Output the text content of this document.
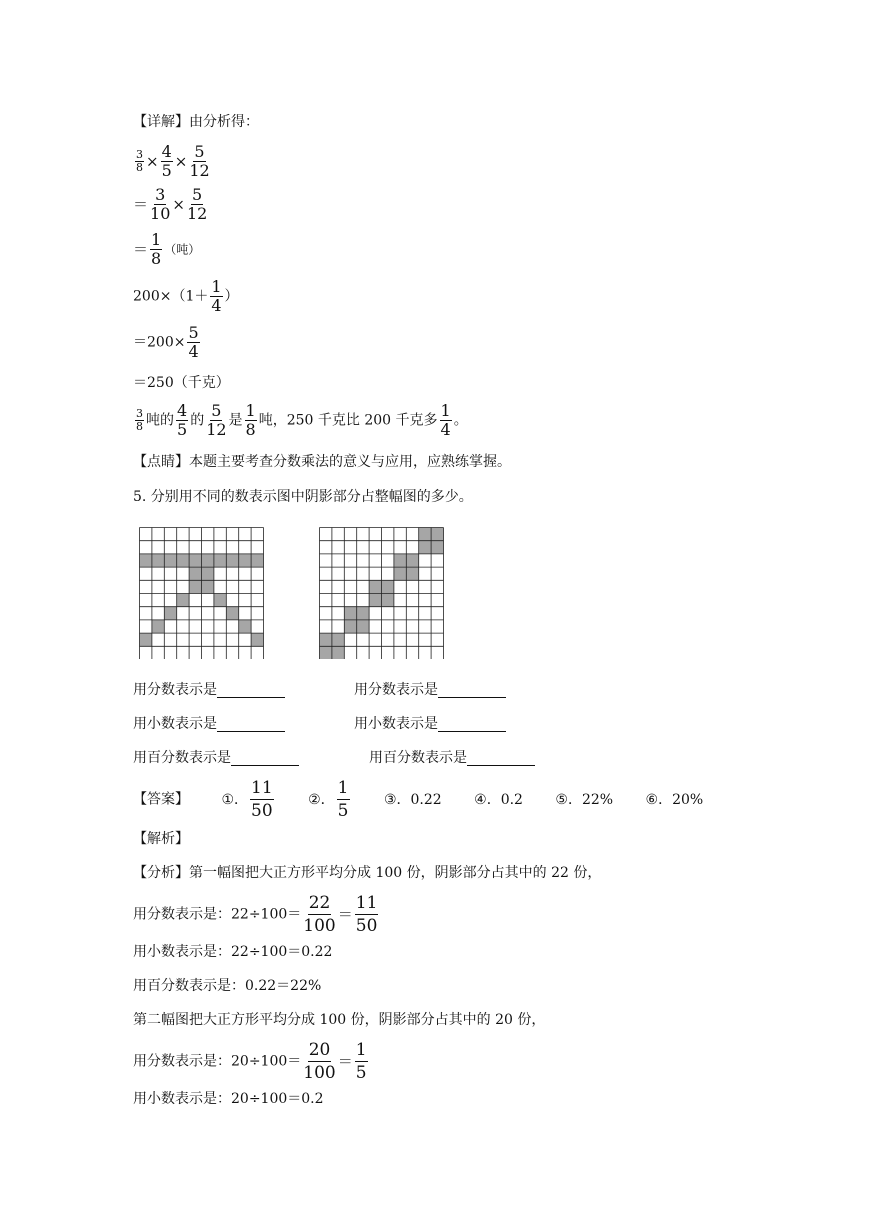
【详解】由分析得：
$\frac{3}{8} \times \frac{4}{5} \times \frac{5}{12}$
＝ $\frac{3}{10} \times \frac{5}{12}$
＝ $\frac{1}{8}$ （吨）
$200\times(1+ \frac{1}{4}$ ）
$=200\times \frac{5}{4}$
＝250（千克）
$\frac{3}{8}$ 吨的 $\frac{4}{5}$ 的 $\frac{5}{12}$ 是 $\frac{1}{8}$ 吨，250 千克比 200 千克多 $\frac{1}{4}$ 。
【点睛】本题主要考查分数乘法的意义与应用，应熟练掌握。
5. 分别用不同的数表示图中阴影部分占整幅图的多少。
用分数表示是	用分数表示是
用小数表示是	用小数表示是
用百分数表示是	用百分数表示是
【答案】 ①． $\frac{11}{50}$ ②． $\frac{1}{5}$ ③．0.22 ④．0.2 ⑤．22% ⑥．20%
【解析】
【分析】第一幅图把大正方形平均分成 100 份，阴影部分占其中的 22 份，
用分数表示是：$22\div 100= \frac{22}{100} = \frac{11}{50}$
用小数表示是：22÷100＝0.22
用百分数表示是：0.22＝22%
第二幅图把大正方形平均分成 100 份，阴影部分占其中的 20 份，
用分数表示是：$20\div 100= \frac{20}{100} = \frac{1}{5}$
用小数表示是：20÷100＝0.2
